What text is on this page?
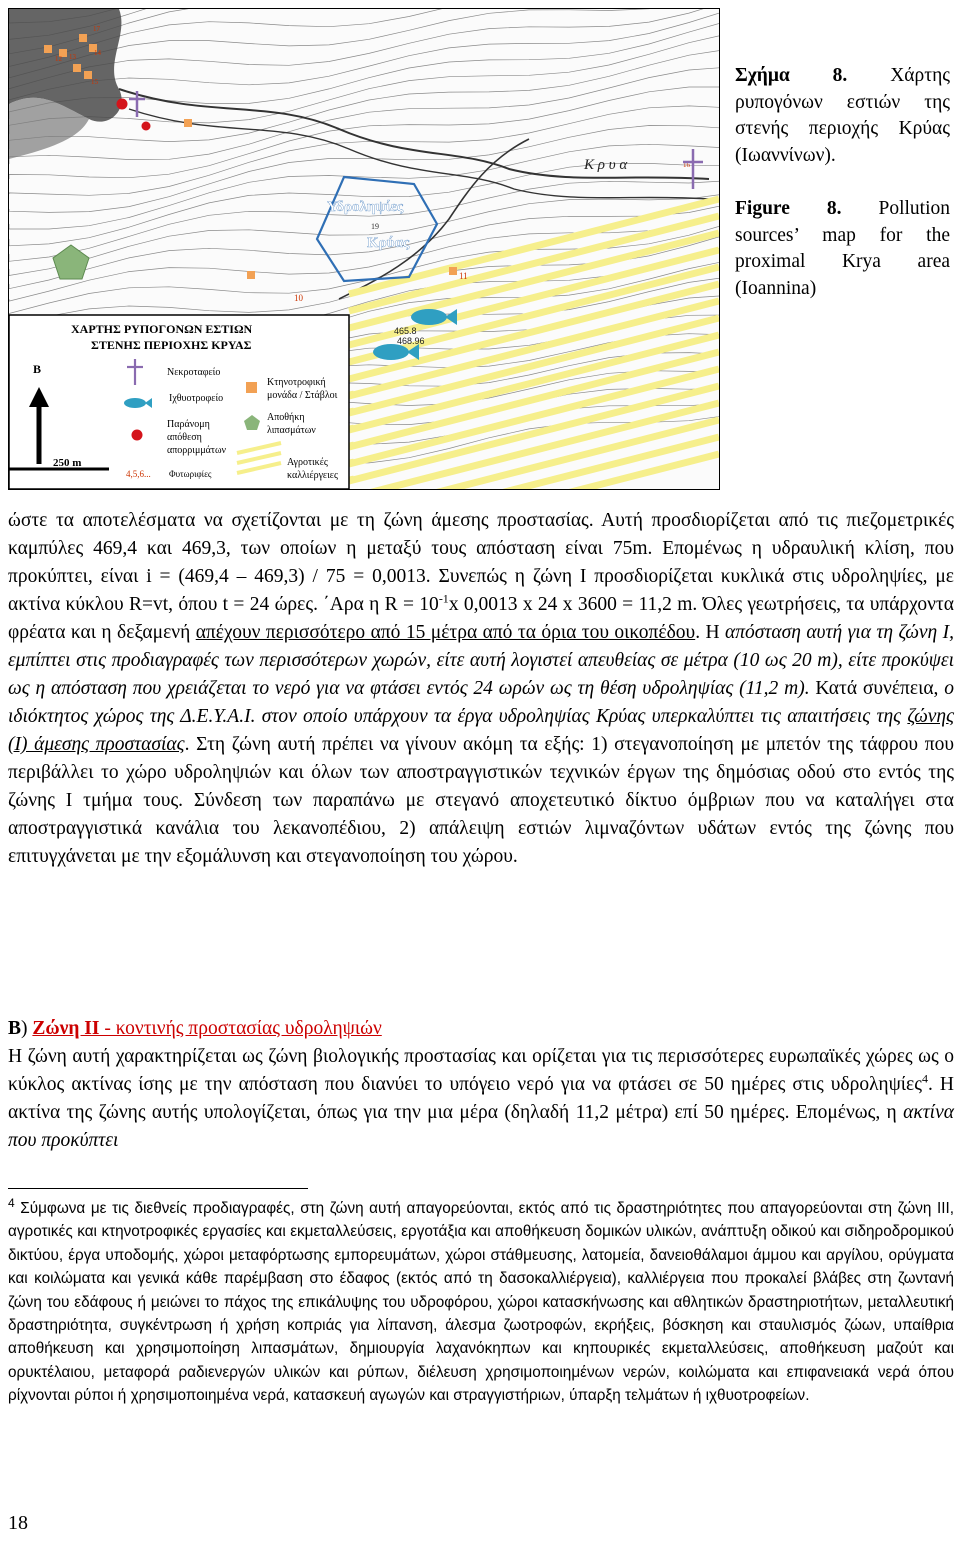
Υδροληψίες
Κρύας
Κ ρ υ α
465.8
468.96
12 13
15
17
14
10
11
16
19
ΧΑΡΤΗΣ ΡΥΠΟΓΟΝΩΝ ΕΣΤΙΩΝ
ΣΤΕΝΗΣ ΠΕΡΙΟΧΗΣ ΚΡΥΑΣ
Β
250 m
Νεκροταφείο
Ιχθυοτροφείο
Παράνομη
απόθεση
απορριμμάτων
4,5,6... Φυτωριφίες
Κτηνοτροφική
μονάδα / Στάβλοι
Αποθήκη
λιπασμάτων
Αγροτικές
καλλιέργειες
Σχήμα 8. Χάρτης ρυπογόνων εστιών της στενής περιοχής Κρύας (Ιωαννίνων).
Figure 8. Pollution sources’ map for the proximal Krya area (Ioannina)

ώστε τα αποτελέσματα να σχετίζονται με τη ζώνη άμεσης προστασίας. Αυτή προσδιορίζεται από τις πιεζομετρικές καμπύλες 469,4 και 469,3, των οποίων η μεταξύ τους απόσταση είναι 75m. Επομένως η υδραυλική κλίση, που προκύπτει, είναι i = (469,4 – 469,3) / 75 = 0,0013. Συνεπώς η ζώνη Ι προσδιορίζεται κυκλικά στις υδροληψίες, με ακτίνα κύκλου R=vt, όπου t = 24 ώρες. ΄Αρα η $R = 10^{-1}x$ 0,0013 x 24 x 3600 = 11,2 m. Όλες γεωτρήσεις, τα υπάρχοντα φρέατα και η δεξαμενή απέχουν περισσότερο από 15 μέτρα από τα όρια του οικοπέδου. Η απόσταση αυτή για τη ζώνη Ι, εμπίπτει στις προδιαγραφές των περισσότερων χωρών, είτε αυτή λογιστεί απευθείας σε μέτρα (10 ως 20 m), είτε προκύψει ως η απόσταση που χρειάζεται το νερό για να φτάσει εντός 24 ωρών ως τη θέση υδροληψίας (11,2 m). Κατά συνέπεια, ο ιδιόκτητος χώρος της Δ.Ε.Υ.Α.Ι. στον οποίο υπάρχουν τα έργα υδροληψίας Κρύας υπερκαλύπτει τις απαιτήσεις της ζώνης (Ι) άμεσης προστασίας. Στη ζώνη αυτή πρέπει να γίνουν ακόμη τα εξής: 1) στεγανοποίηση με μπετόν της τάφρου που περιβάλλει το χώρο υδροληψιών και όλων των αποστραγγιστικών τεχνικών έργων της δημόσιας οδού στο εντός της ζώνης Ι τμήμα τους. Σύνδεση των παραπάνω με στεγανό αποχετευτικό δίκτυο όμβριων που να καταλήγει στα αποστραγγιστικά κανάλια του λεκανοπέδιου, 2) απάλειψη εστιών λιμναζόντων υδάτων εντός της ζώνης που επιτυγχάνεται με την εξομάλυνση και στεγανοποίηση του χώρου.

Β) Ζώνη ΙΙ - κοντινής προστασίας υδροληψιών

Η ζώνη αυτή χαρακτηρίζεται ως ζώνη βιολογικής προστασίας και ορίζεται για τις περισσότερες ευρωπαϊκές χώρες ως ο κύκλος ακτίνας ίσης με την απόσταση που διανύει το υπόγειο νερό για να φτάσει σε 50 ημέρες στις υδροληψίες$^4$. Η ακτίνα της ζώνης αυτής υπολογίζεται, όπως για την μια μέρα (δηλαδή 11,2 μέτρα) επί 50 ημέρες. Επομένως, η ακτίνα που προκύπτει

$^4$ Σύμφωνα με τις διεθνείς προδιαγραφές, στη ζώνη αυτή απαγορεύονται, εκτός από τις δραστηριότητες που απαγορεύονται στη ζώνη ΙΙΙ, αγροτικές και κτηνοτροφικές εργασίες και εκμεταλλεύσεις, εργοτάξια και αποθήκευση δομικών υλικών, ανάπτυξη οδικού και σιδηροδρομικού δικτύου, έργα υποδομής, χώροι μεταφόρτωσης εμπορευμάτων, χώροι στάθμευσης, λατομεία, δανειοθάλαμοι άμμου και αργίλου, ορύγματα και κοιλώματα και γενικά κάθε παρέμβαση στο έδαφος (εκτός από τη δασοκαλλιέργεια), καλλιέργεια που προκαλεί βλάβες στη ζωντανή ζώνη του εδάφους ή μειώνει το πάχος της επικάλυψης του υδροφόρου, χώροι κατασκήνωσης και αθλητικών δραστηριοτήτων, μεταλλευτική δραστηριότητα, συγκέντρωση ή χρήση κοπριάς για λίπανση, άλεσμα ζωοτροφών, εκρήξεις, βόσκηση και σταυλισμός ζώων, υπαίθρια αποθήκευση και χρησιμοποίηση λιπασμάτων, δημιουργία λαχανόκηπων και κηπουρικές εκμεταλλεύσεις, αποθήκευση μαζούτ και ορυκτέλαιου, μεταφορά ραδιενεργών υλικών και ρύπων, διέλευση χρησιμοποιημένων νερών, κοιλώματα και επιφανειακά νερά όπου ρίχνονται ρύποι ή χρησιμοποιημένα νερά, κατασκευή αγωγών και στραγγιστήριων, ύπαρξη τελμάτων ή ιχθυοτροφείων.
18
